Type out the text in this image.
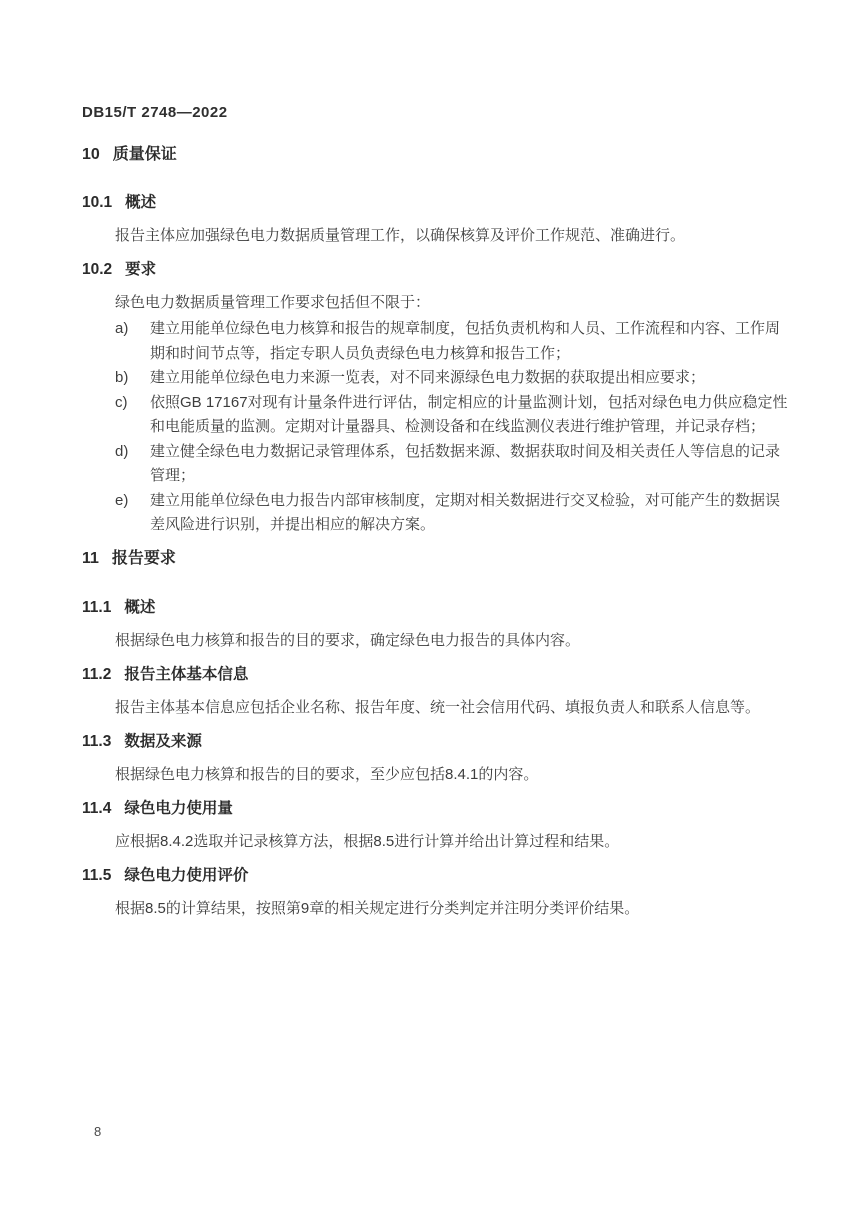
DB15/T 2748—2022
10 质量保证
10.1 概述

报告主体应加强绿色电力数据质量管理工作，以确保核算及评价工作规范、准确进行。

10.2 要求

绿色电力数据质量管理工作要求包括但不限于：

a)	建立用能单位绿色电力核算和报告的规章制度，包括负责机构和人员、工作流程和内容、工作周期和时间节点等，指定专职人员负责绿色电力核算和报告工作；
b)	建立用能单位绿色电力来源一览表，对不同来源绿色电力数据的获取提出相应要求；
c)	依照GB 17167对现有计量条件进行评估，制定相应的计量监测计划，包括对绿色电力供应稳定性和电能质量的监测。定期对计量器具、检测设备和在线监测仪表进行维护管理，并记录存档；
d)	建立健全绿色电力数据记录管理体系，包括数据来源、数据获取时间及相关责任人等信息的记录管理；
e)	建立用能单位绿色电力报告内部审核制度，定期对相关数据进行交叉检验，对可能产生的数据误差风险进行识别，并提出相应的解决方案。
11 报告要求
11.1 概述

根据绿色电力核算和报告的目的要求，确定绿色电力报告的具体内容。

11.2 报告主体基本信息

报告主体基本信息应包括企业名称、报告年度、统一社会信用代码、填报负责人和联系人信息等。

11.3 数据及来源

根据绿色电力核算和报告的目的要求，至少应包括8.4.1的内容。

11.4 绿色电力使用量

应根据8.4.2选取并记录核算方法，根据8.5进行计算并给出计算过程和结果。

11.5 绿色电力使用评价

根据8.5的计算结果，按照第9章的相关规定进行分类判定并注明分类评价结果。

8
